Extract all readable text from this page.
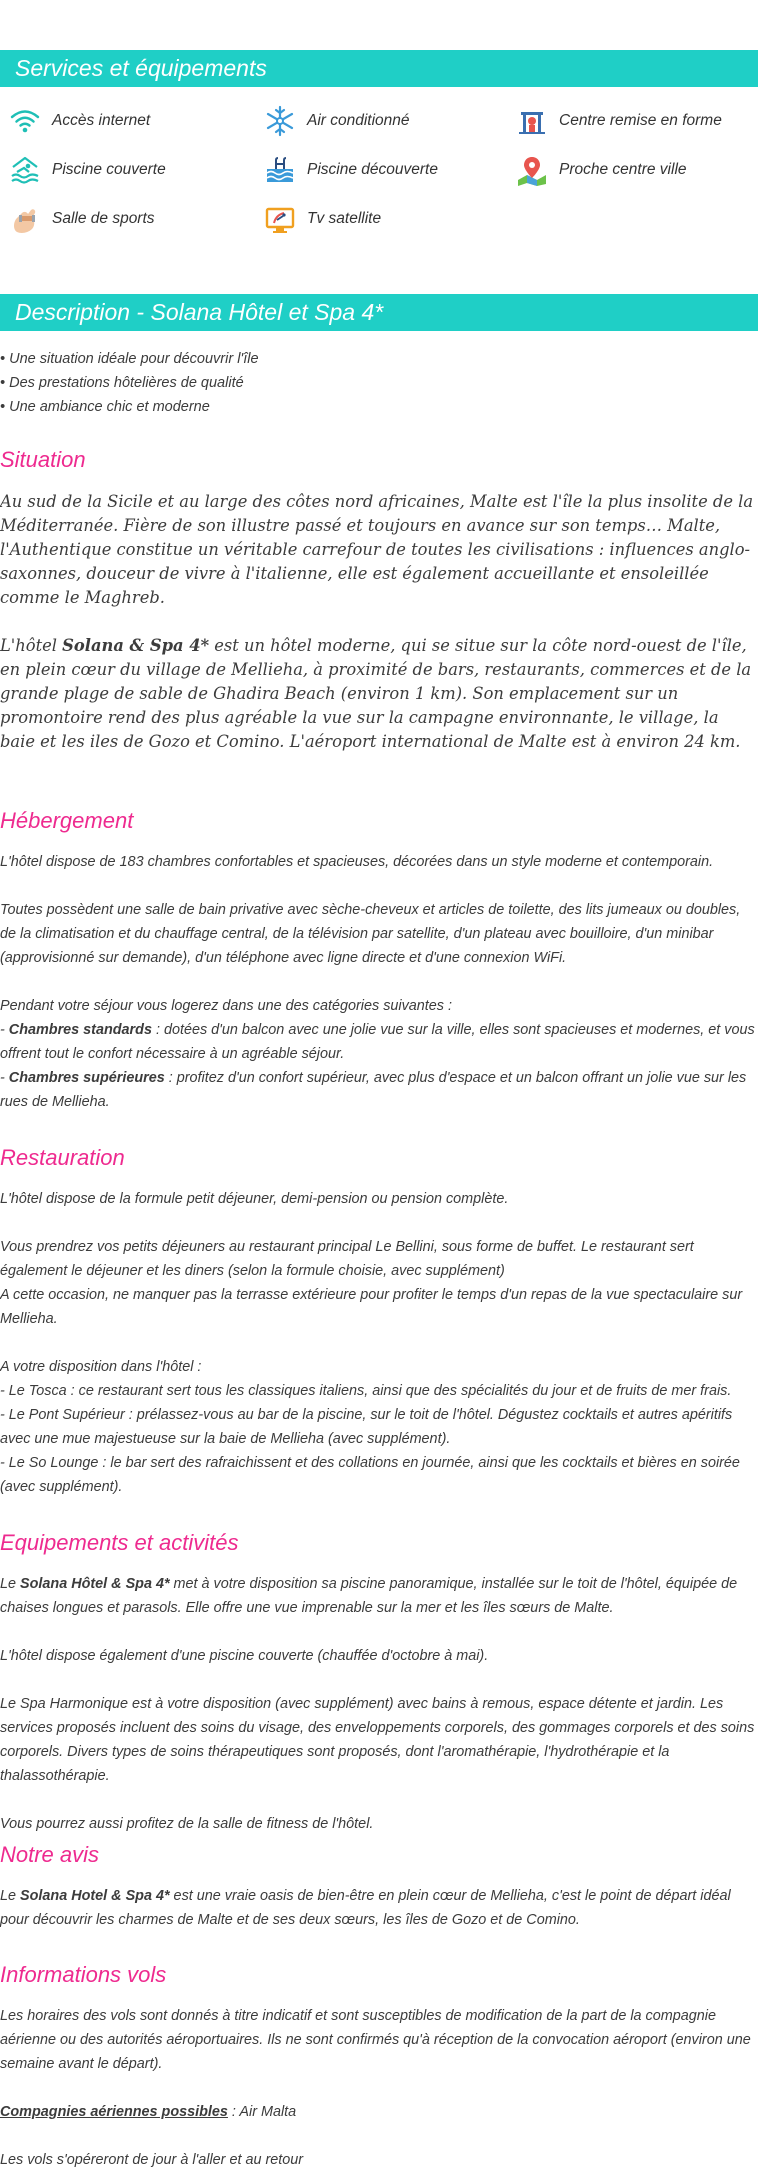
Services et équipements
Accès internet	Air conditionné	Centre remise en forme
Piscine couverte	Piscine découverte	Proche centre ville
Salle de sports	Tv satellite
Description - Solana Hôtel et Spa 4*
• Une situation idéale pour découvrir l'île
• Des prestations hôtelières de qualité
• Une ambiance chic et moderne
Situation

Au sud de la Sicile et au large des côtes nord africaines, Malte est l'île la plus insolite de la Méditerranée. Fière de son illustre passé et toujours en avance sur son temps… Malte, l'Authentique constitue un véritable carrefour de toutes les civilisations : influences anglo-saxonnes, douceur de vivre à l'italienne, elle est également accueillante et ensoleillée comme le Maghreb.

L'hôtel Solana & Spa 4* est un hôtel moderne, qui se situe sur la côte nord-ouest de l'île, en plein cœur du village de Mellieha, à proximité de bars, restaurants, commerces et de la grande plage de sable de Ghadira Beach (environ 1 km). Son emplacement sur un promontoire rend des plus agréable la vue sur la campagne environnante, le village, la baie et les iles de Gozo et Comino. L'aéroport international de Malte est à environ 24 km.

Hébergement

L'hôtel dispose de 183 chambres confortables et spacieuses, décorées dans un style moderne et contemporain.

Toutes possèdent une salle de bain privative avec sèche-cheveux et articles de toilette, des lits jumeaux ou doubles, de la climatisation et du chauffage central, de la télévision par satellite, d'un plateau avec bouilloire, d'un minibar (approvisionné sur demande), d'un téléphone avec ligne directe et d'une connexion WiFi.

Pendant votre séjour vous logerez dans une des catégories suivantes :

- Chambres standards : dotées d'un balcon avec une jolie vue sur la ville, elles sont spacieuses et modernes, et vous offrent tout le confort nécessaire à un agréable séjour.

- Chambres supérieures : profitez d'un confort supérieur, avec plus d'espace et un balcon offrant un jolie vue sur les rues de Mellieha.

Restauration

L'hôtel dispose de la formule petit déjeuner, demi-pension ou pension complète.

Vous prendrez vos petits déjeuners au restaurant principal Le Bellini, sous forme de buffet. Le restaurant sert également le déjeuner et les diners (selon la formule choisie, avec supplément)

A cette occasion, ne manquer pas la terrasse extérieure pour profiter le temps d'un repas de la vue spectaculaire sur Mellieha.

A votre disposition dans l'hôtel :

- Le Tosca : ce restaurant sert tous les classiques italiens, ainsi que des spécialités du jour et de fruits de mer frais.

- Le Pont Supérieur : prélassez-vous au bar de la piscine, sur le toit de l'hôtel. Dégustez cocktails et autres apéritifs avec une mue majestueuse sur la baie de Mellieha (avec supplément).

- Le So Lounge : le bar sert des rafraichissent et des collations en journée, ainsi que les cocktails et bières en soirée (avec supplément).

Equipements et activités

Le Solana Hôtel & Spa 4* met à votre disposition sa piscine panoramique, installée sur le toit de l'hôtel, équipée de chaises longues et parasols. Elle offre une vue imprenable sur la mer et les îles sœurs de Malte.

L'hôtel dispose également d'une piscine couverte (chauffée d'octobre à mai).

Le Spa Harmonique est à votre disposition (avec supplément) avec bains à remous, espace détente et jardin. Les services proposés incluent des soins du visage, des enveloppements corporels, des gommages corporels et des soins corporels. Divers types de soins thérapeutiques sont proposés, dont l'aromathérapie, l'hydrothérapie et la thalassothérapie.

Vous pourrez aussi profitez de la salle de fitness de l'hôtel.

Notre avis

Le Solana Hotel & Spa 4* est une vraie oasis de bien-être en plein cœur de Mellieha, c'est le point de départ idéal pour découvrir les charmes de Malte et de ses deux sœurs, les îles de Gozo et de Comino.

Informations vols

Les horaires des vols sont donnés à titre indicatif et sont susceptibles de modification de la part de la compagnie aérienne ou des autorités aéroportuaires. Ils ne sont confirmés qu'à réception de la convocation aéroport (environ une semaine avant le départ).

Compagnies aériennes possibles : Air Malta

Les vols s'opéreront de jour à l'aller et au retour
